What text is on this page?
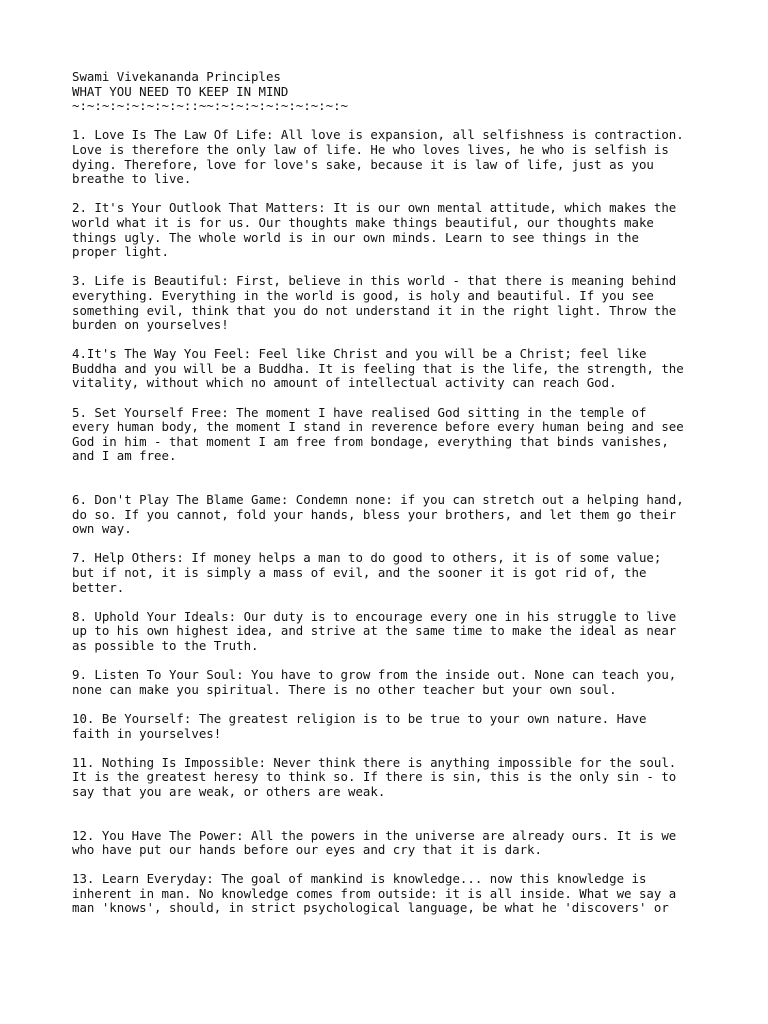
Swami Vivekananda Principles

WHAT YOU NEED TO KEEP IN MIND

~:~:~:~:~:~:~:~::~~:~:~:~:~:~:~:~:~:~

1. Love Is The Law Of Life: All love is expansion, all selfishness is contraction.
Love is therefore the only law of life. He who loves lives, he who is selfish is
dying. Therefore, love for love's sake, because it is law of life, just as you
breathe to live.

2. It's Your Outlook That Matters: It is our own mental attitude, which makes the
world what it is for us. Our thoughts make things beautiful, our thoughts make
things ugly. The whole world is in our own minds. Learn to see things in the
proper light.

3. Life is Beautiful: First, believe in this world - that there is meaning behind
everything. Everything in the world is good, is holy and beautiful. If you see
something evil, think that you do not understand it in the right light. Throw the
burden on yourselves!

4.It's The Way You Feel: Feel like Christ and you will be a Christ; feel like
Buddha and you will be a Buddha. It is feeling that is the life, the strength, the
vitality, without which no amount of intellectual activity can reach God.

5. Set Yourself Free: The moment I have realised God sitting in the temple of
every human body, the moment I stand in reverence before every human being and see
God in him - that moment I am free from bondage, everything that binds vanishes,
and I am free.

6. Don't Play The Blame Game: Condemn none: if you can stretch out a helping hand,
do so. If you cannot, fold your hands, bless your brothers, and let them go their
own way.

7. Help Others: If money helps a man to do good to others, it is of some value;
but if not, it is simply a mass of evil, and the sooner it is got rid of, the
better.

8. Uphold Your Ideals: Our duty is to encourage every one in his struggle to live
up to his own highest idea, and strive at the same time to make the ideal as near
as possible to the Truth.

9. Listen To Your Soul: You have to grow from the inside out. None can teach you,
none can make you spiritual. There is no other teacher but your own soul.

10. Be Yourself: The greatest religion is to be true to your own nature. Have
faith in yourselves!

11. Nothing Is Impossible: Never think there is anything impossible for the soul.
It is the greatest heresy to think so. If there is sin, this is the only sin - to
say that you are weak, or others are weak.

12. You Have The Power: All the powers in the universe are already ours. It is we
who have put our hands before our eyes and cry that it is dark.

13. Learn Everyday: The goal of mankind is knowledge... now this knowledge is
inherent in man. No knowledge comes from outside: it is all inside. What we say a
man 'knows', should, in strict psychological language, be what he 'discovers' or
